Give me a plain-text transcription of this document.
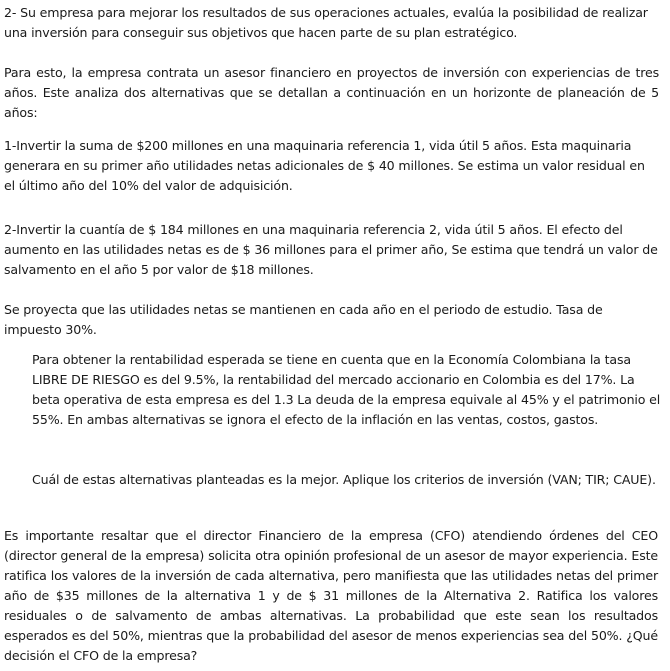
2- Su empresa para mejorar los resultados de sus operaciones actuales, evalúa la posibilidad de realizar una inversión para conseguir sus objetivos que hacen parte de su plan estratégico.

Para esto, la empresa contrata un asesor financiero en proyectos de inversión con experiencias de tres años. Este analiza dos alternativas que se detallan a continuación en un horizonte de planeación de 5 años:

1-Invertir la suma de $200 millones en una maquinaria referencia 1, vida útil 5 años. Esta maquinaria generara en su primer año utilidades netas adicionales de $ 40 millones. Se estima un valor residual en el último año del 10% del valor de adquisición.

2-Invertir la cuantía de $ 184 millones en una maquinaria referencia 2, vida útil 5 años. El efecto del aumento en las utilidades netas es de $ 36 millones para el primer año, Se estima que tendrá un valor de salvamento en el año 5 por valor de $18 millones.

Se proyecta que las utilidades netas se mantienen en cada año en el periodo de estudio. Tasa de impuesto 30%.

Para obtener la rentabilidad esperada se tiene en cuenta que en la Economía Colombiana la tasa LIBRE DE RIESGO es del 9.5%, la rentabilidad del mercado accionario en Colombia es del 17%. La beta operativa de esta empresa es del 1.3 La deuda de la empresa equivale al 45% y el patrimonio el 55%. En ambas alternativas se ignora el efecto de la inflación en las ventas, costos, gastos.

Cuál de estas alternativas planteadas es la mejor. Aplique los criterios de inversión (VAN; TIR; CAUE).

Es importante resaltar que el director Financiero de la empresa (CFO) atendiendo órdenes del CEO (director general de la empresa) solicita otra opinión profesional de un asesor de mayor experiencia. Este ratifica los valores de la inversión de cada alternativa, pero manifiesta que las utilidades netas del primer año de $35 millones de la alternativa 1 y de $ 31 millones de la Alternativa 2. Ratifica los valores residuales o de salvamento de ambas alternativas. La probabilidad que este sean los resultados esperados es del 50%, mientras que la probabilidad del asesor de menos experiencias sea del 50%. ¿Qué decisión el CFO de la empresa?
